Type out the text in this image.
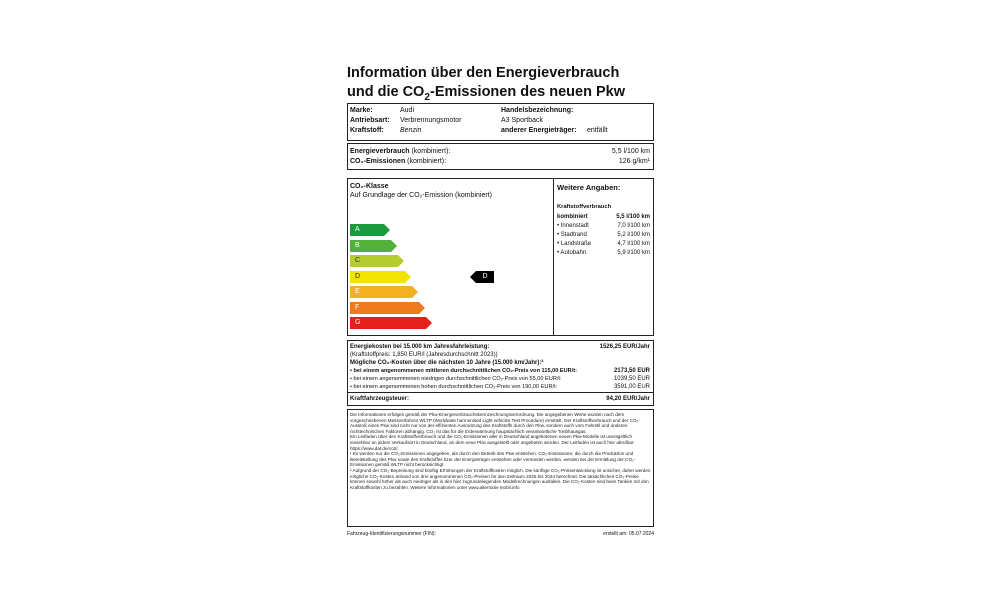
Information über den Energieverbrauch
und die $CO_2$-Emissionen des neuen Pkw
Marke:	Audi
Antriebsart: Verbrennungsmotor
Kraftstoff: Benzin
Handelsbezeichnung:
A3 Sportback
anderer Energieträger: entfällt
Energieverbrauch (kombiniert):	5,5 l/100 km
CO₂-Emissionen (kombiniert):	126 g/km¹
CO₂-Klasse
Auf Grundlage der CO₂-Emission (kombiniert)
A
B
C
D
E
F
G
D
Weitere Angaben:
Kraftstoffverbrauch
kombiniert	5,5 l/100 km
• Innenstadt	7,0 l/100 km
• Stadtrand	5,2 l/100 km
• Landstraße	4,7 l/100 km
• Autobahn	5,9 l/100 km
Energiekosten bei 15.000 km Jahresfahrleistung:	1526,25 EUR/Jahr
(Kraftstoffpreis: 1,850 EUR/l (Jahresdurchschnitt 2023))
Mögliche CO₂-Kosten über die nächsten 10 Jahre (15.000 km/Jahr):²
• bei einem angenommenen mittleren durchschnittlichen CO₂-Preis von 115,00 EUR/t:	2173,50 EUR
• bei einem angenommenen niedrigen durchschnittlichen CO₂-Preis von 55,00 EUR/t:	1039,50 EUR
• bei einem angenommenen hohen durchschnittlichen CO₂-Preis von 190,00 EUR/t:	3591,00 EUR
Kraftfahrzeugsteuer:	94,20 EUR/Jahr

Die Informationen erfolgen gemäß der Pkw-Energieverbrauchskennzeichnungsverordnung. Die angegebenen Werte wurden nach dem vorgeschriebenen Messverfahren WLTP (Worldwide harmonised Light vehicles Test Procedure) ermittelt. Der Kraftstoffverbrauch und der CO₂-Ausstoß eines Pkw sind nicht nur von der effizienten Ausnutzung des Kraftstoffs durch den Pkw, sondern auch vom Fahrstil und anderen nichttechnischen Faktoren abhängig. CO₂ ist das für die Erderwärmung hauptsächlich verantwortliche Treibhausgas.

Ein Leitfaden über den Kraftstoffverbrauch und die CO₂-Emissionen aller in Deutschland angebotenen neuen Pkw-Modelle ist unentgeltlich einsehbar an jedem Verkaufsort in Deutschland, an dem neue Pkw ausgestellt oder angeboten werden. Der Leitfaden ist auch hier abrufbar: https://www.dat.de/co2/.

¹ Es werden nur die CO₂-Emissionen angegeben, die durch den Betrieb des Pkw entstehen. CO₂-Emissionen, die durch die Produktion und Bereitstellung des Pkw sowie des Kraftstoffes bzw. der Energieträger entstehen oder vermieden werden, werden bei der Ermittlung der CO₂-Emissionen gemäß WLTP nicht berücksichtigt.

² Aufgrund der CO₂-Bepreisung sind künftig Erhöhungen der Kraftstoffkosten möglich. Die künftige CO₂-Preisentwicklung ist unsicher, daher werden mögliche CO₂-Kosten anhand von drei angenommenen CO₂-Preisen für den Zeitraum 2025 bis 2034 berechnet. Die tatsächlichen CO₂-Preise können sowohl höher als auch niedriger als in den hier zugrundeliegenden Modellrechnungen ausfallen. Die CO₂-Kosten sind beim Tanken mit den Kraftstoffkosten zu bezahlen. Weitere Informationen unter www.alternativ-mobil.info

Fahrzeug-Identifizierungsnummer (FIN):	erstellt am: 05.07.2024
